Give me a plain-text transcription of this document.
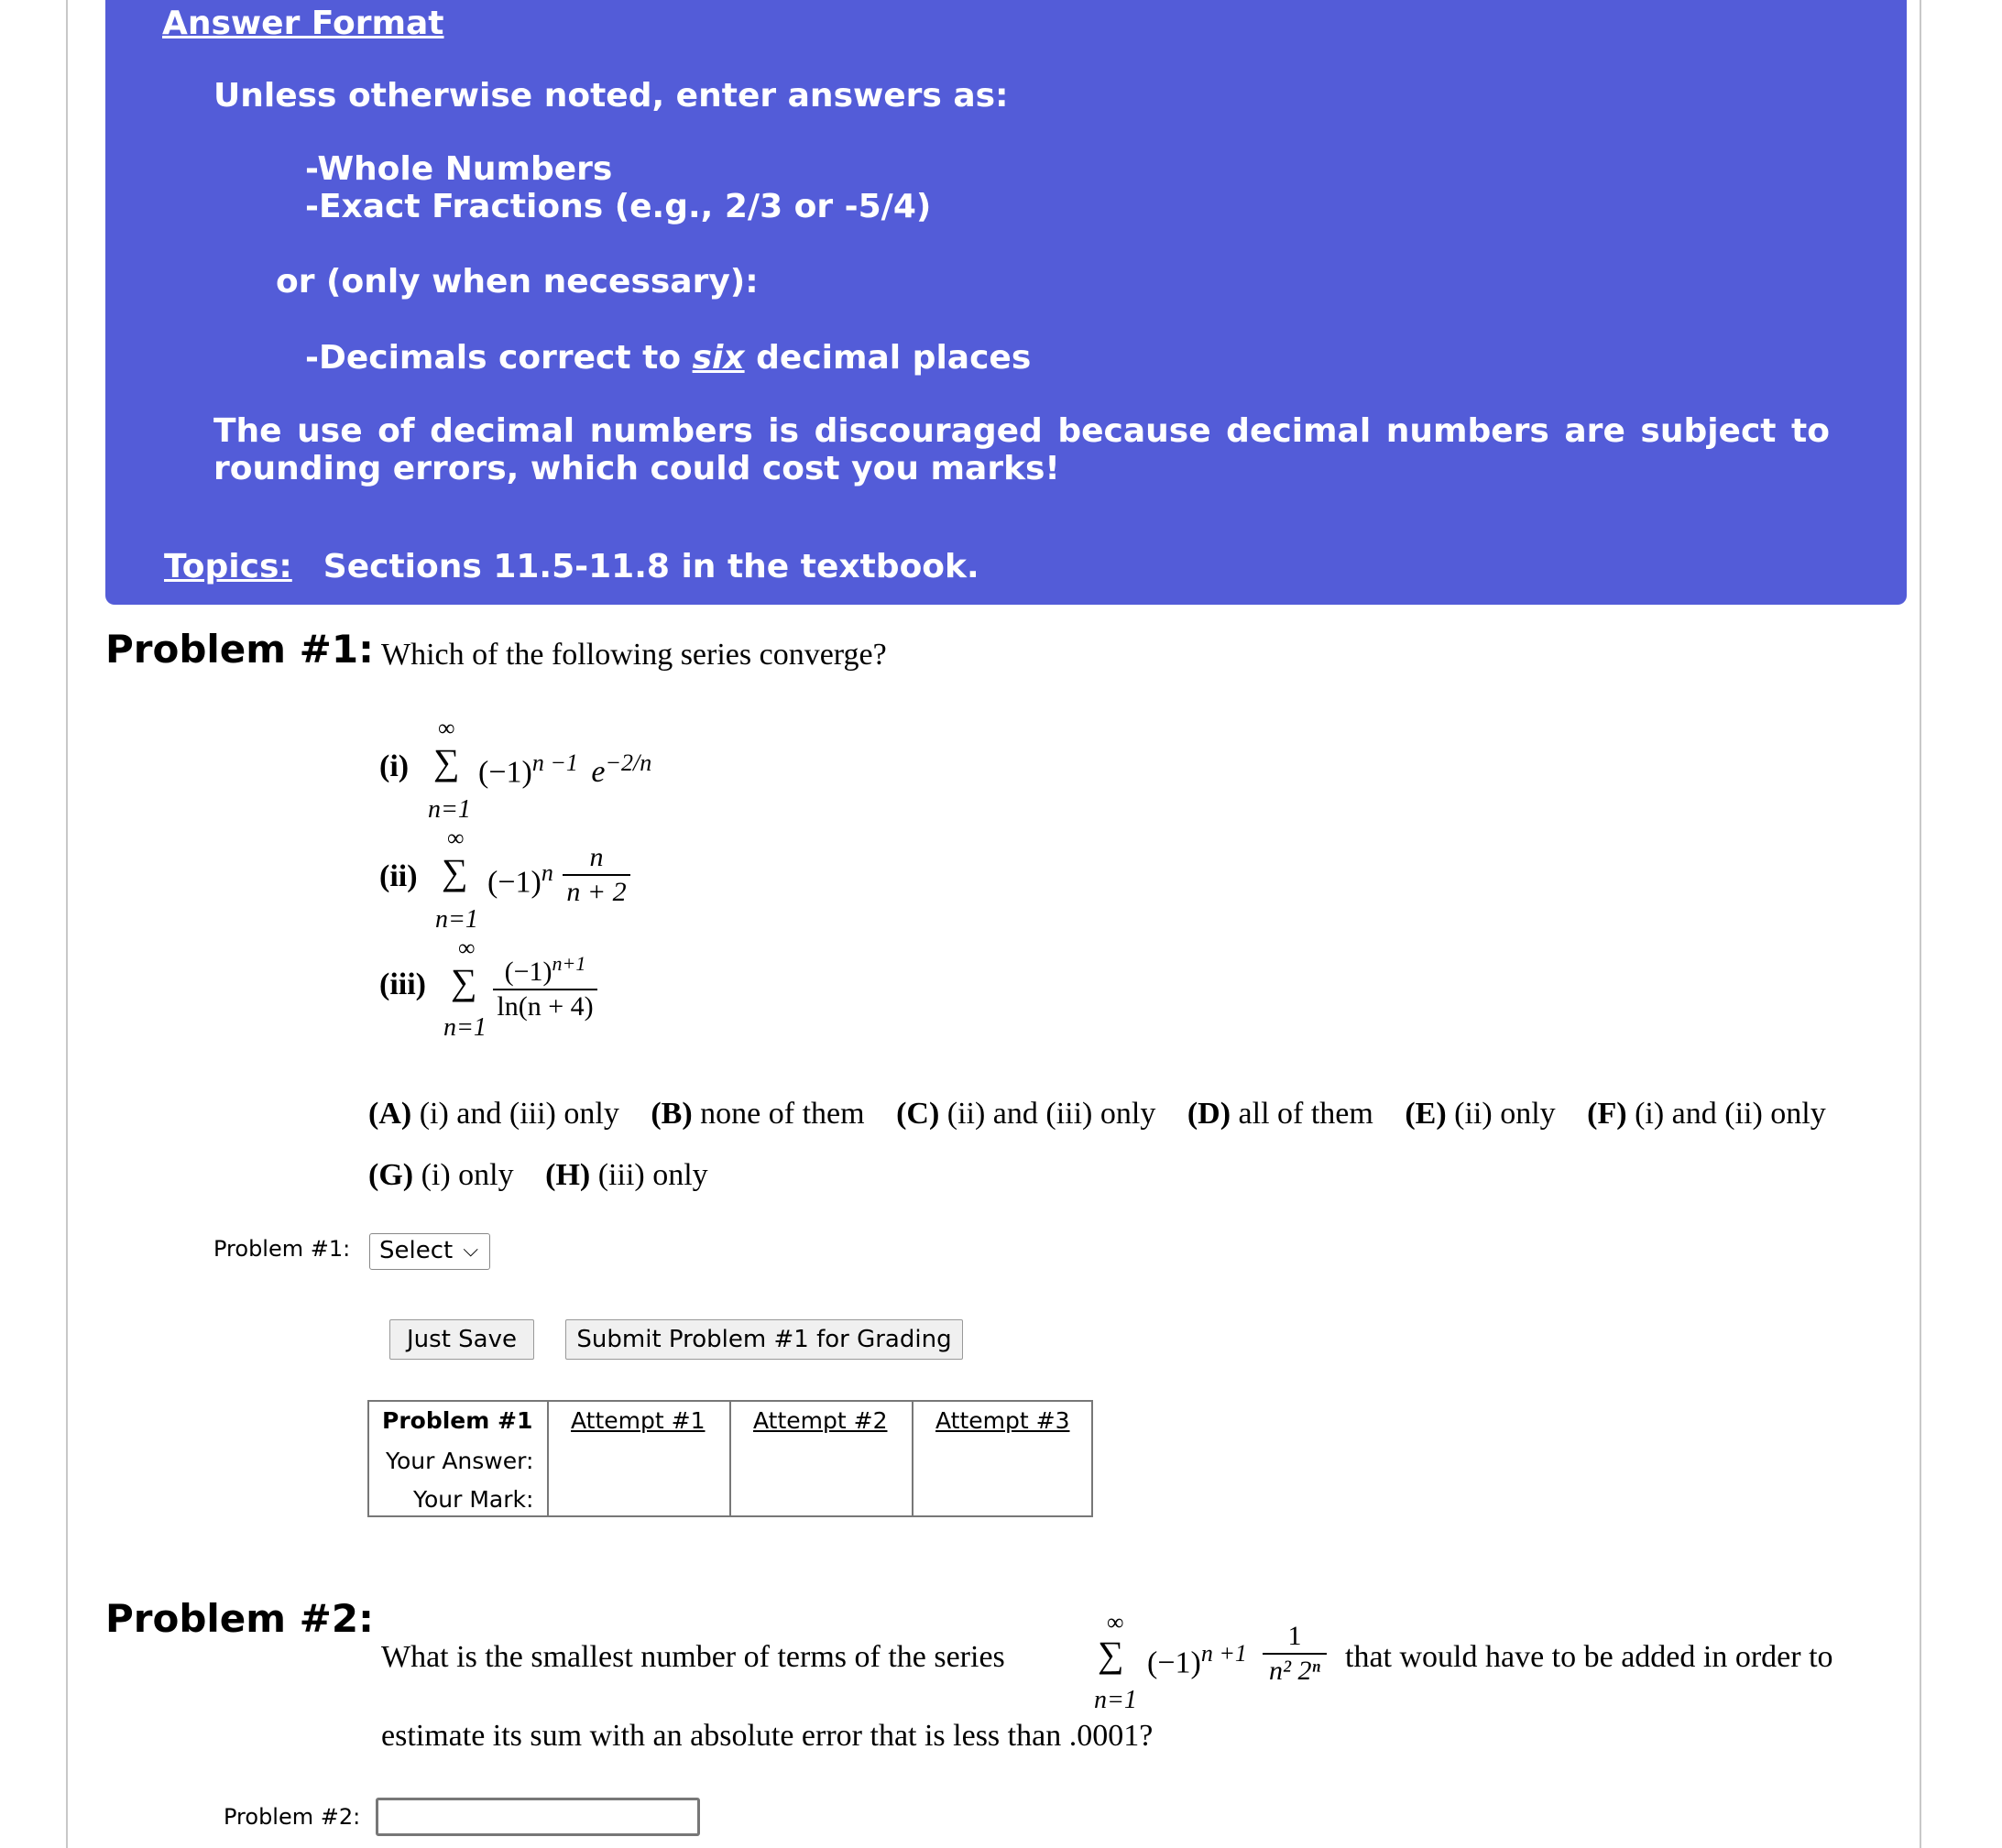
Answer Format
Unless otherwise noted, enter answers as:
-Whole Numbers
-Exact Fractions (e.g., 2/3 or -5/4)
or (only when necessary):
-Decimals correct to six decimal places
The use of decimal numbers is discouraged because decimal numbers are subject to rounding errors, which could cost you marks!
Topics: Sections 11.5-11.8 in the textbook.
Problem #1: Which of the following series converge?
(i)
∞
∑
n=1
$(-1)^{n -1}$ $e^{-2/n}$
(ii)
∞
∑
n=1
$(-1)^n \frac{n}{n + 2}$
(iii)
∞
∑
n=1
$\frac{(-1)^{n+1}}{\ln(n + 4)}$
(A) (i) and (iii) only (B) none of them (C) (ii) and (iii) only (D) all of them (E) (ii) only (F) (i) and (ii) only
(G) (i) only (H) (iii) only
Problem #1:	Select ⌵
Just Save	Submit Problem #1 for Grading
Problem #1
Your Answer:
Your Mark:
Attempt #1 Attempt #2 Attempt #3
Problem #2:
What is the smallest number of terms of the series
∞
∑
n=1
$(-1)^{n +1} \frac{1}{\text{n² 2ⁿ}}$ that would have to be added in order to
estimate its sum with an absolute error that is less than .0001?
Problem #2:
